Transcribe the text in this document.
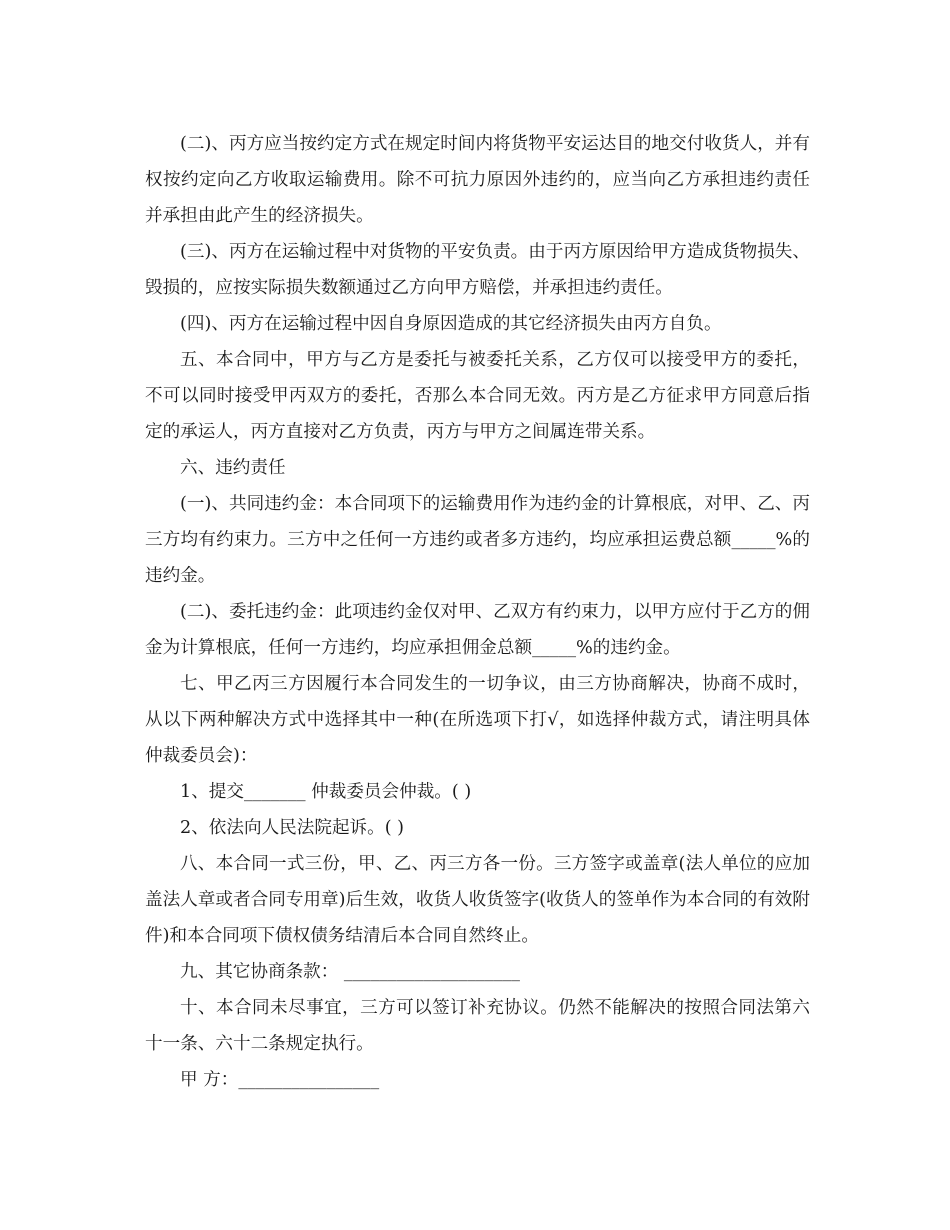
(二)、丙方应当按约定方式在规定时间内将货物平安运达目的地交付收货人，并有权按约定向乙方收取运输费用。除不可抗力原因外违约的，应当向乙方承担违约责任并承担由此产生的经济损失。

(三)、丙方在运输过程中对货物的平安负责。由于丙方原因给甲方造成货物损失、毁损的，应按实际损失数额通过乙方向甲方赔偿，并承担违约责任。

(四)、丙方在运输过程中因自身原因造成的其它经济损失由丙方自负。

五、本合同中，甲方与乙方是委托与被委托关系，乙方仅可以接受甲方的委托，不可以同时接受甲丙双方的委托，否那么本合同无效。丙方是乙方征求甲方同意后指定的承运人，丙方直接对乙方负责，丙方与甲方之间属连带关系。

六、违约责任

(一)、共同违约金：本合同项下的运输费用作为违约金的计算根底，对甲、乙、丙三方均有约束力。三方中之任何一方违约或者多方违约，均应承担运费总额_____%的违约金。

(二)、委托违约金：此项违约金仅对甲、乙双方有约束力，以甲方应付于乙方的佣金为计算根底，任何一方违约，均应承担佣金总额_____%的违约金。

七、甲乙丙三方因履行本合同发生的一切争议，由三方协商解决，协商不成时，从以下两种解决方式中选择其中一种(在所选项下打√，如选择仲裁方式，请注明具体仲裁委员会)：

1、提交_______ 仲裁委员会仲裁。( )

2、依法向人民法院起诉。( )

八、本合同一式三份，甲、乙、丙三方各一份。三方签字或盖章(法人单位的应加盖法人章或者合同专用章)后生效，收货人收货签字(收货人的签单作为本合同的有效附件)和本合同项下债权债务结清后本合同自然终止。

九、其它协商条款： ____________________

十、本合同未尽事宜，三方可以签订补充协议。仍然不能解决的按照合同法第六十一条、六十二条规定执行。

甲 方：________________
